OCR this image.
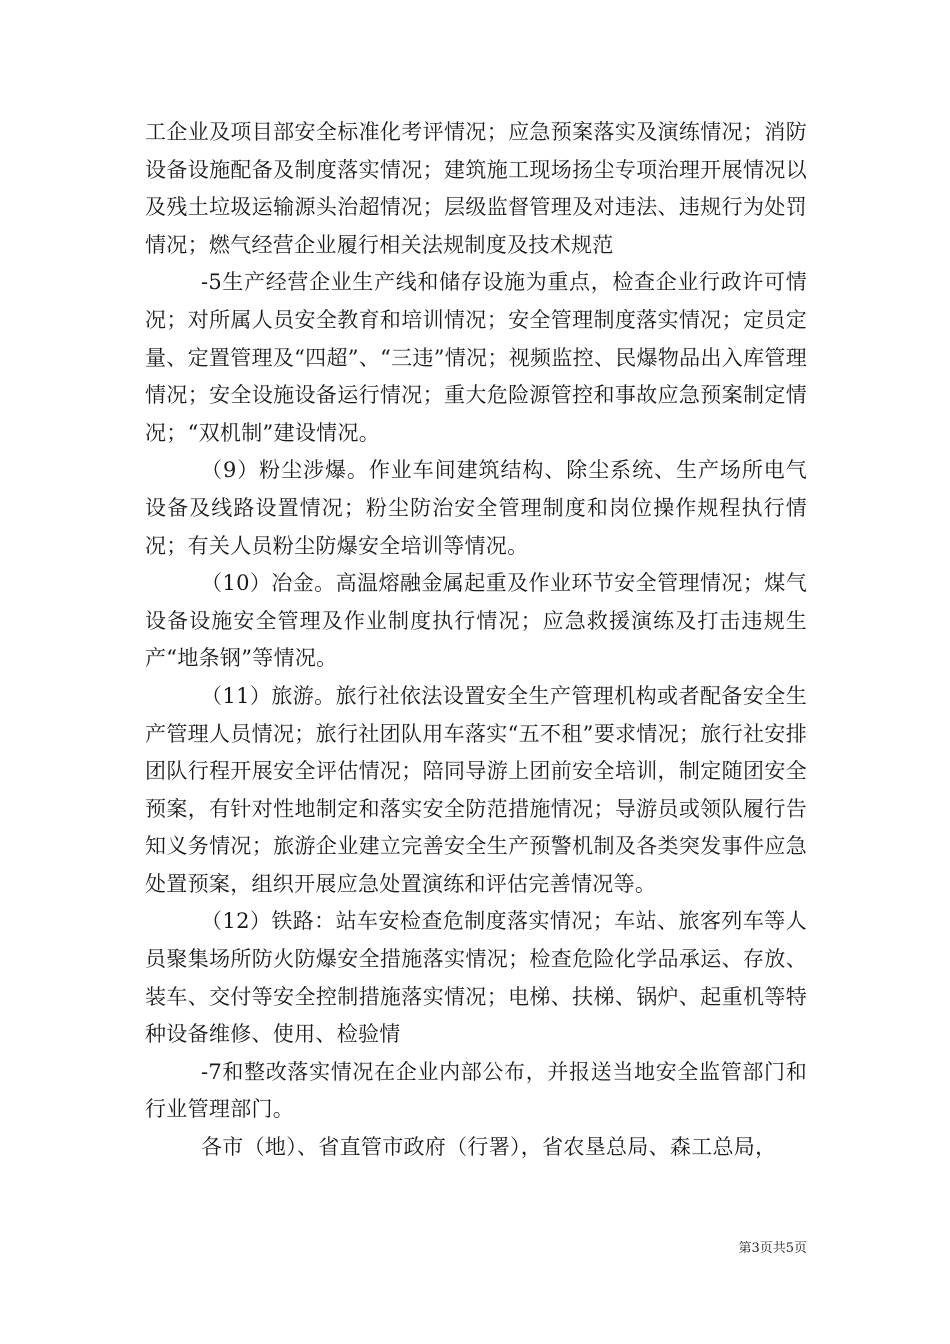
工企业及项目部安全标准化考评情况；应急预案落实及演练情况；消防设备设施配备及制度落实情况；建筑施工现场扬尘专项治理开展情况以及残土垃圾运输源头治超情况；层级监督管理及对违法、违规行为处罚情况；燃气经营企业履行相关法规制度及技术规范

-5生产经营企业生产线和储存设施为重点，检查企业行政许可情况；对所属人员安全教育和培训情况；安全管理制度落实情况；定员定量、定置管理及“四超”、“三违”情况；视频监控、民爆物品出入库管理情况；安全设施设备运行情况；重大危险源管控和事故应急预案制定情况；“双机制”建设情况。

（9）粉尘涉爆。作业车间建筑结构、除尘系统、生产场所电气设备及线路设置情况；粉尘防治安全管理制度和岗位操作规程执行情况；有关人员粉尘防爆安全培训等情况。

（10）冶金。高温熔融金属起重及作业环节安全管理情况；煤气设备设施安全管理及作业制度执行情况；应急救援演练及打击违规生产“地条钢”等情况。

（11）旅游。旅行社依法设置安全生产管理机构或者配备安全生产管理人员情况；旅行社团队用车落实“五不租”要求情况；旅行社安排团队行程开展安全评估情况；陪同导游上团前安全培训，制定随团安全预案，有针对性地制定和落实安全防范措施情况；导游员或领队履行告知义务情况；旅游企业建立完善安全生产预警机制及各类突发事件应急处置预案，组织开展应急处置演练和评估完善情况等。

（12）铁路：站车安检查危制度落实情况；车站、旅客列车等人员聚集场所防火防爆安全措施落实情况；检查危险化学品承运、存放、装车、交付等安全控制措施落实情况；电梯、扶梯、锅炉、起重机等特种设备维修、使用、检验情

-7和整改落实情况在企业内部公布，并报送当地安全监管部门和行业管理部门。

各市（地）、省直管市政府（行署），省农垦总局、森工总局，

第3页共5页
